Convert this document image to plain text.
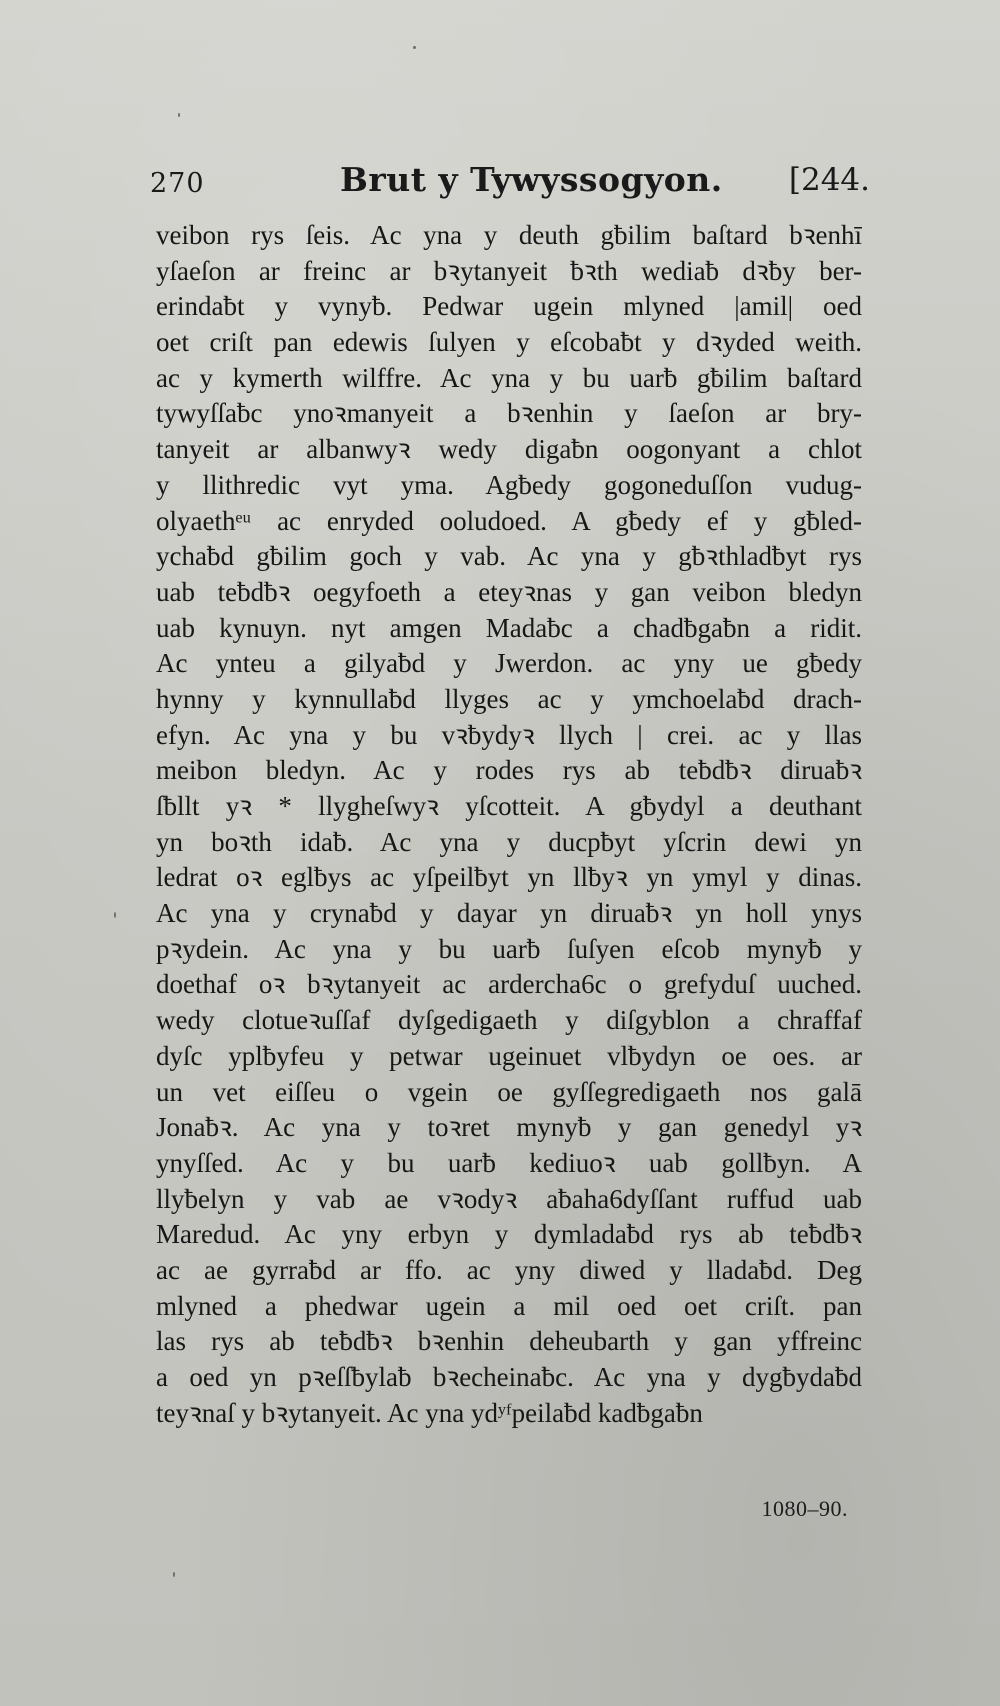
270	Brut y Tywyssogyon. [244.
veibon rys ſeis. Ac yna y deuth gƀilim baſtard bꝛenhī
yſaeſon ar freinc ar bꝛytanyeit ƀꝛth wediaƀ dꝛƀy ber-
erindaƀt y vynyƀ. Pedwar ugein mlyned |amil| oed
oet criſt pan edewis ſulyen y eſcobaƀt y dꝛyded weith.
ac y kymerth wilffre. Ac yna y bu uarƀ gƀilim baſtard
tywyſſaƀc ynoꝛmanyeit a bꝛenhin y ſaeſon ar bry-
tanyeit ar albanwyꝛ wedy digaƀn oogonyant a chlot
y llithredic vyt yma. Agƀedy gogoneduſſon vudug-
olyaethᵉᵘ ac enryded ooludoed. A gƀedy ef y gƀled-
ychaƀd gƀilim goch y vab. Ac yna y gƀꝛthladƀyt rys
uab teƀdƀꝛ oegyfoeth a eteyꝛnas y gan veibon bledyn
uab kynuyn. nyt amgen Madaƀc a chadƀgaƀn a ridit.
Ac ynteu a gilyaƀd y Jwerdon. ac yny ue gƀedy
hynny y kynnullaƀd llyges ac y ymchoelaƀd drach-
efyn. Ac yna y bu vꝛƀydyꝛ llych | crei. ac y llas
meibon bledyn. Ac y rodes rys ab teƀdƀꝛ diruaƀꝛ
ſƀllt yꝛ * llygheſwyꝛ yſcotteit. A gƀydyl a deuthant
yn boꝛth idaƀ. Ac yna y ducpƀyt yſcrin dewi yn
ledrat oꝛ eglƀys ac yſpeilƀyt yn llƀyꝛ yn ymyl y dinas.
Ac yna y crynaƀd y dayar yn diruaƀꝛ yn holl ynys
pꝛydein. Ac yna y bu uarƀ ſuſyen eſcob mynyƀ y
doethaf oꝛ bꝛytanyeit ac ardercha6c o grefyduſ uuched.
wedy clotueꝛuſſaf dyſgedigaeth y diſgyblon a chraffaf
dyſc yplƀyfeu y petwar ugeinuet vlƀydyn oe oes. ar
un vet eiſſeu o vgein oe gyſſegredigaeth nos galā
Jonaƀꝛ. Ac yna y toꝛret mynyƀ y gan genedyl yꝛ
ynyſſed. Ac y bu uarƀ kediuoꝛ uab gollƀyn. A
llyƀelyn y vab ae vꝛodyꝛ aƀaha6dyſſant ruffud uab
Maredud. Ac yny erbyn y dymladaƀd rys ab teƀdƀꝛ
ac ae gyrraƀd ar ffo. ac yny diwed y lladaƀd. Deg
mlyned a phedwar ugein a mil oed oet criſt. pan
las rys ab teƀdƀꝛ bꝛenhin deheubarth y gan yffreinc
a oed yn pꝛeſſƀylaƀ bꝛecheinaƀc. Ac yna y dygƀydaƀd
teyꝛnaſ y bꝛytanyeit. Ac yna ydʸᶠpeilaƀd kadƀgaƀn
1080–90.
